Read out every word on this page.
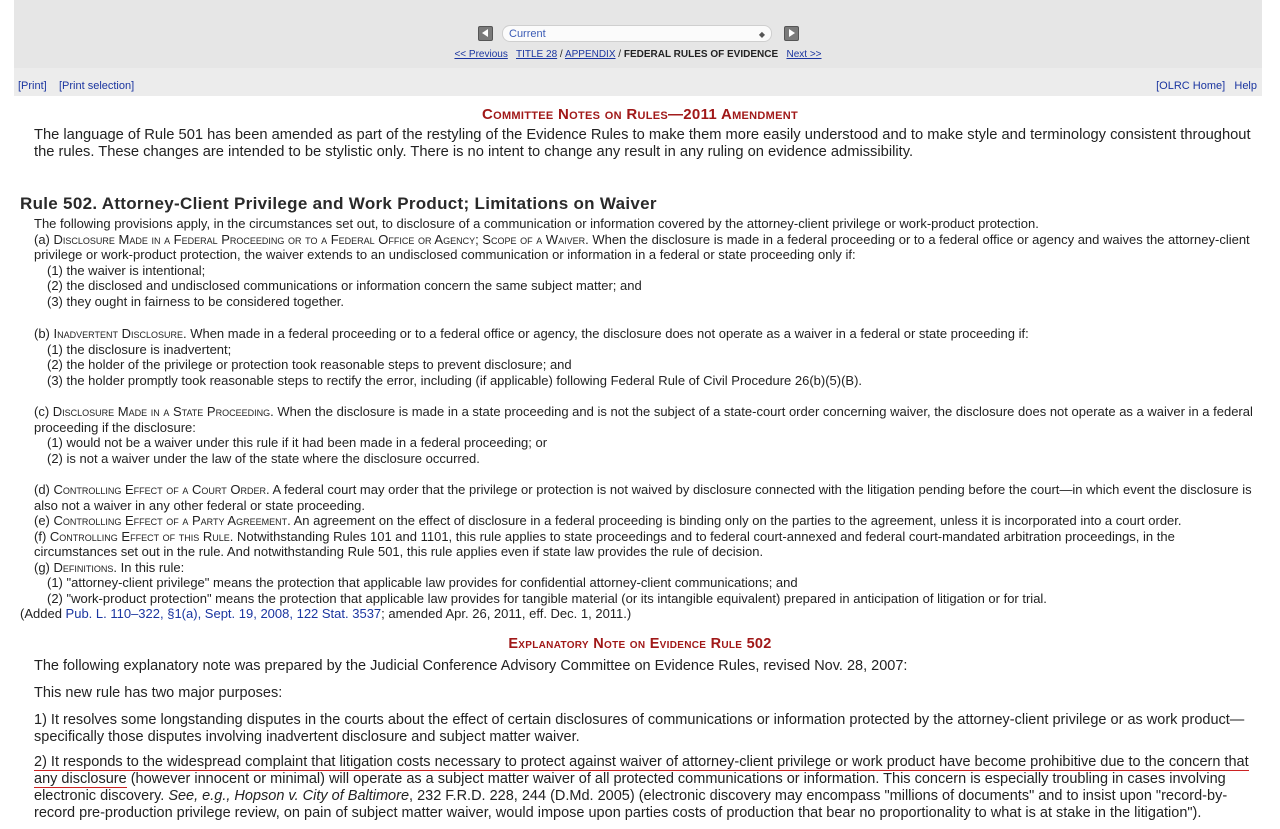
Current	◆
<< Previous TITLE 28 / APPENDIX / FEDERAL RULES OF EVIDENCE Next >>
[Print] [Print selection]	[OLRC Home] Help
Committee Notes on Rules—2011 Amendment

The language of Rule 501 has been amended as part of the restyling of the Evidence Rules to make them more easily understood and to make style and terminology consistent throughout the rules. These changes are intended to be stylistic only. There is no intent to change any result in any ruling on evidence admissibility.

Rule 502. Attorney-Client Privilege and Work Product; Limitations on Waiver

The following provisions apply, in the circumstances set out, to disclosure of a communication or information covered by the attorney-client privilege or work-product protection.

(a) Disclosure Made in a Federal Proceeding or to a Federal Office or Agency; Scope of a Waiver. When the disclosure is made in a federal proceeding or to a federal office or agency and waives the attorney-client privilege or work-product protection, the waiver extends to an undisclosed communication or information in a federal or state proceeding only if:

(1) the waiver is intentional;

(2) the disclosed and undisclosed communications or information concern the same subject matter; and

(3) they ought in fairness to be considered together.

(b) Inadvertent Disclosure. When made in a federal proceeding or to a federal office or agency, the disclosure does not operate as a waiver in a federal or state proceeding if:

(1) the disclosure is inadvertent;

(2) the holder of the privilege or protection took reasonable steps to prevent disclosure; and

(3) the holder promptly took reasonable steps to rectify the error, including (if applicable) following Federal Rule of Civil Procedure 26(b)(5)(B).

(c) Disclosure Made in a State Proceeding. When the disclosure is made in a state proceeding and is not the subject of a state-court order concerning waiver, the disclosure does not operate as a waiver in a federal proceeding if the disclosure:

(1) would not be a waiver under this rule if it had been made in a federal proceeding; or

(2) is not a waiver under the law of the state where the disclosure occurred.

(d) Controlling Effect of a Court Order. A federal court may order that the privilege or protection is not waived by disclosure connected with the litigation pending before the court—in which event the disclosure is also not a waiver in any other federal or state proceeding.

(e) Controlling Effect of a Party Agreement. An agreement on the effect of disclosure in a federal proceeding is binding only on the parties to the agreement, unless it is incorporated into a court order.

(f) Controlling Effect of this Rule. Notwithstanding Rules 101 and 1101, this rule applies to state proceedings and to federal court-annexed and federal court-mandated arbitration proceedings, in the circumstances set out in the rule. And notwithstanding Rule 501, this rule applies even if state law provides the rule of decision.

(g) Definitions. In this rule:

(1) "attorney-client privilege" means the protection that applicable law provides for confidential attorney-client communications; and

(2) "work-product protection" means the protection that applicable law provides for tangible material (or its intangible equivalent) prepared in anticipation of litigation or for trial.

(Added Pub. L. 110–322, §1(a), Sept. 19, 2008, 122 Stat. 3537; amended Apr. 26, 2011, eff. Dec. 1, 2011.)

Explanatory Note on Evidence Rule 502

The following explanatory note was prepared by the Judicial Conference Advisory Committee on Evidence Rules, revised Nov. 28, 2007:

This new rule has two major purposes:

1) It resolves some longstanding disputes in the courts about the effect of certain disclosures of communications or information protected by the attorney-client privilege or as work product— specifically those disputes involving inadvertent disclosure and subject matter waiver.

2) It responds to the widespread complaint that litigation costs necessary to protect against waiver of attorney-client privilege or work product have become prohibitive due to the concern that any disclosure (however innocent or minimal) will operate as a subject matter waiver of all protected communications or information. This concern is especially troubling in cases involving electronic discovery. See, e.g., Hopson v. City of Baltimore, 232 F.R.D. 228, 244 (D.Md. 2005) (electronic discovery may encompass "millions of documents" and to insist upon "record-by-record pre-production privilege review, on pain of subject matter waiver, would impose upon parties costs of production that bear no proportionality to what is at stake in the litigation").
